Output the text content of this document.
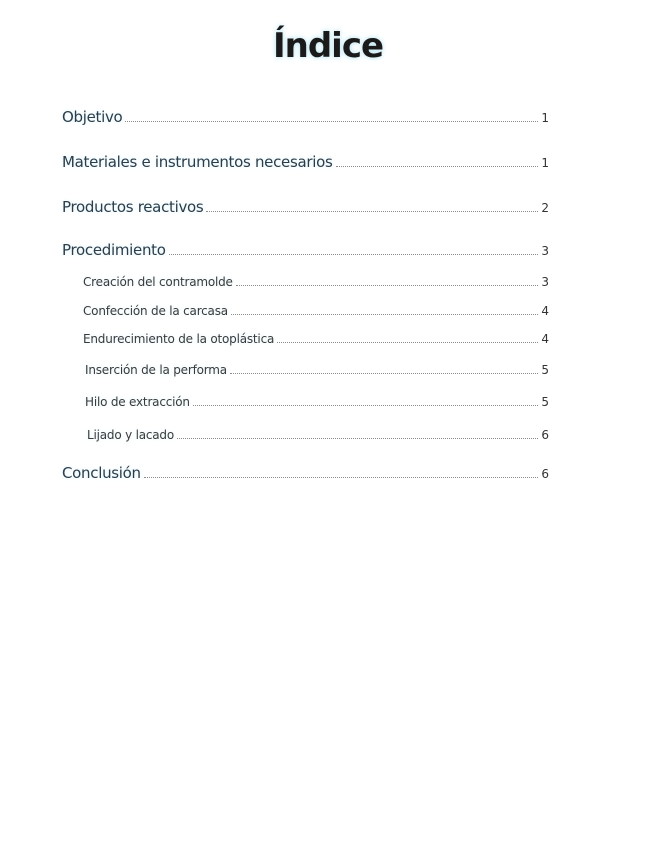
Índice
Objetivo	1
Materiales e instrumentos necesarios	1
Productos reactivos	2
Procedimiento	3
Creación del contramolde	3
Confección de la carcasa	4
Endurecimiento de la otoplástica	4
Inserción de la performa	5
Hilo de extracción	5
Lijado y lacado	6
Conclusión	6
